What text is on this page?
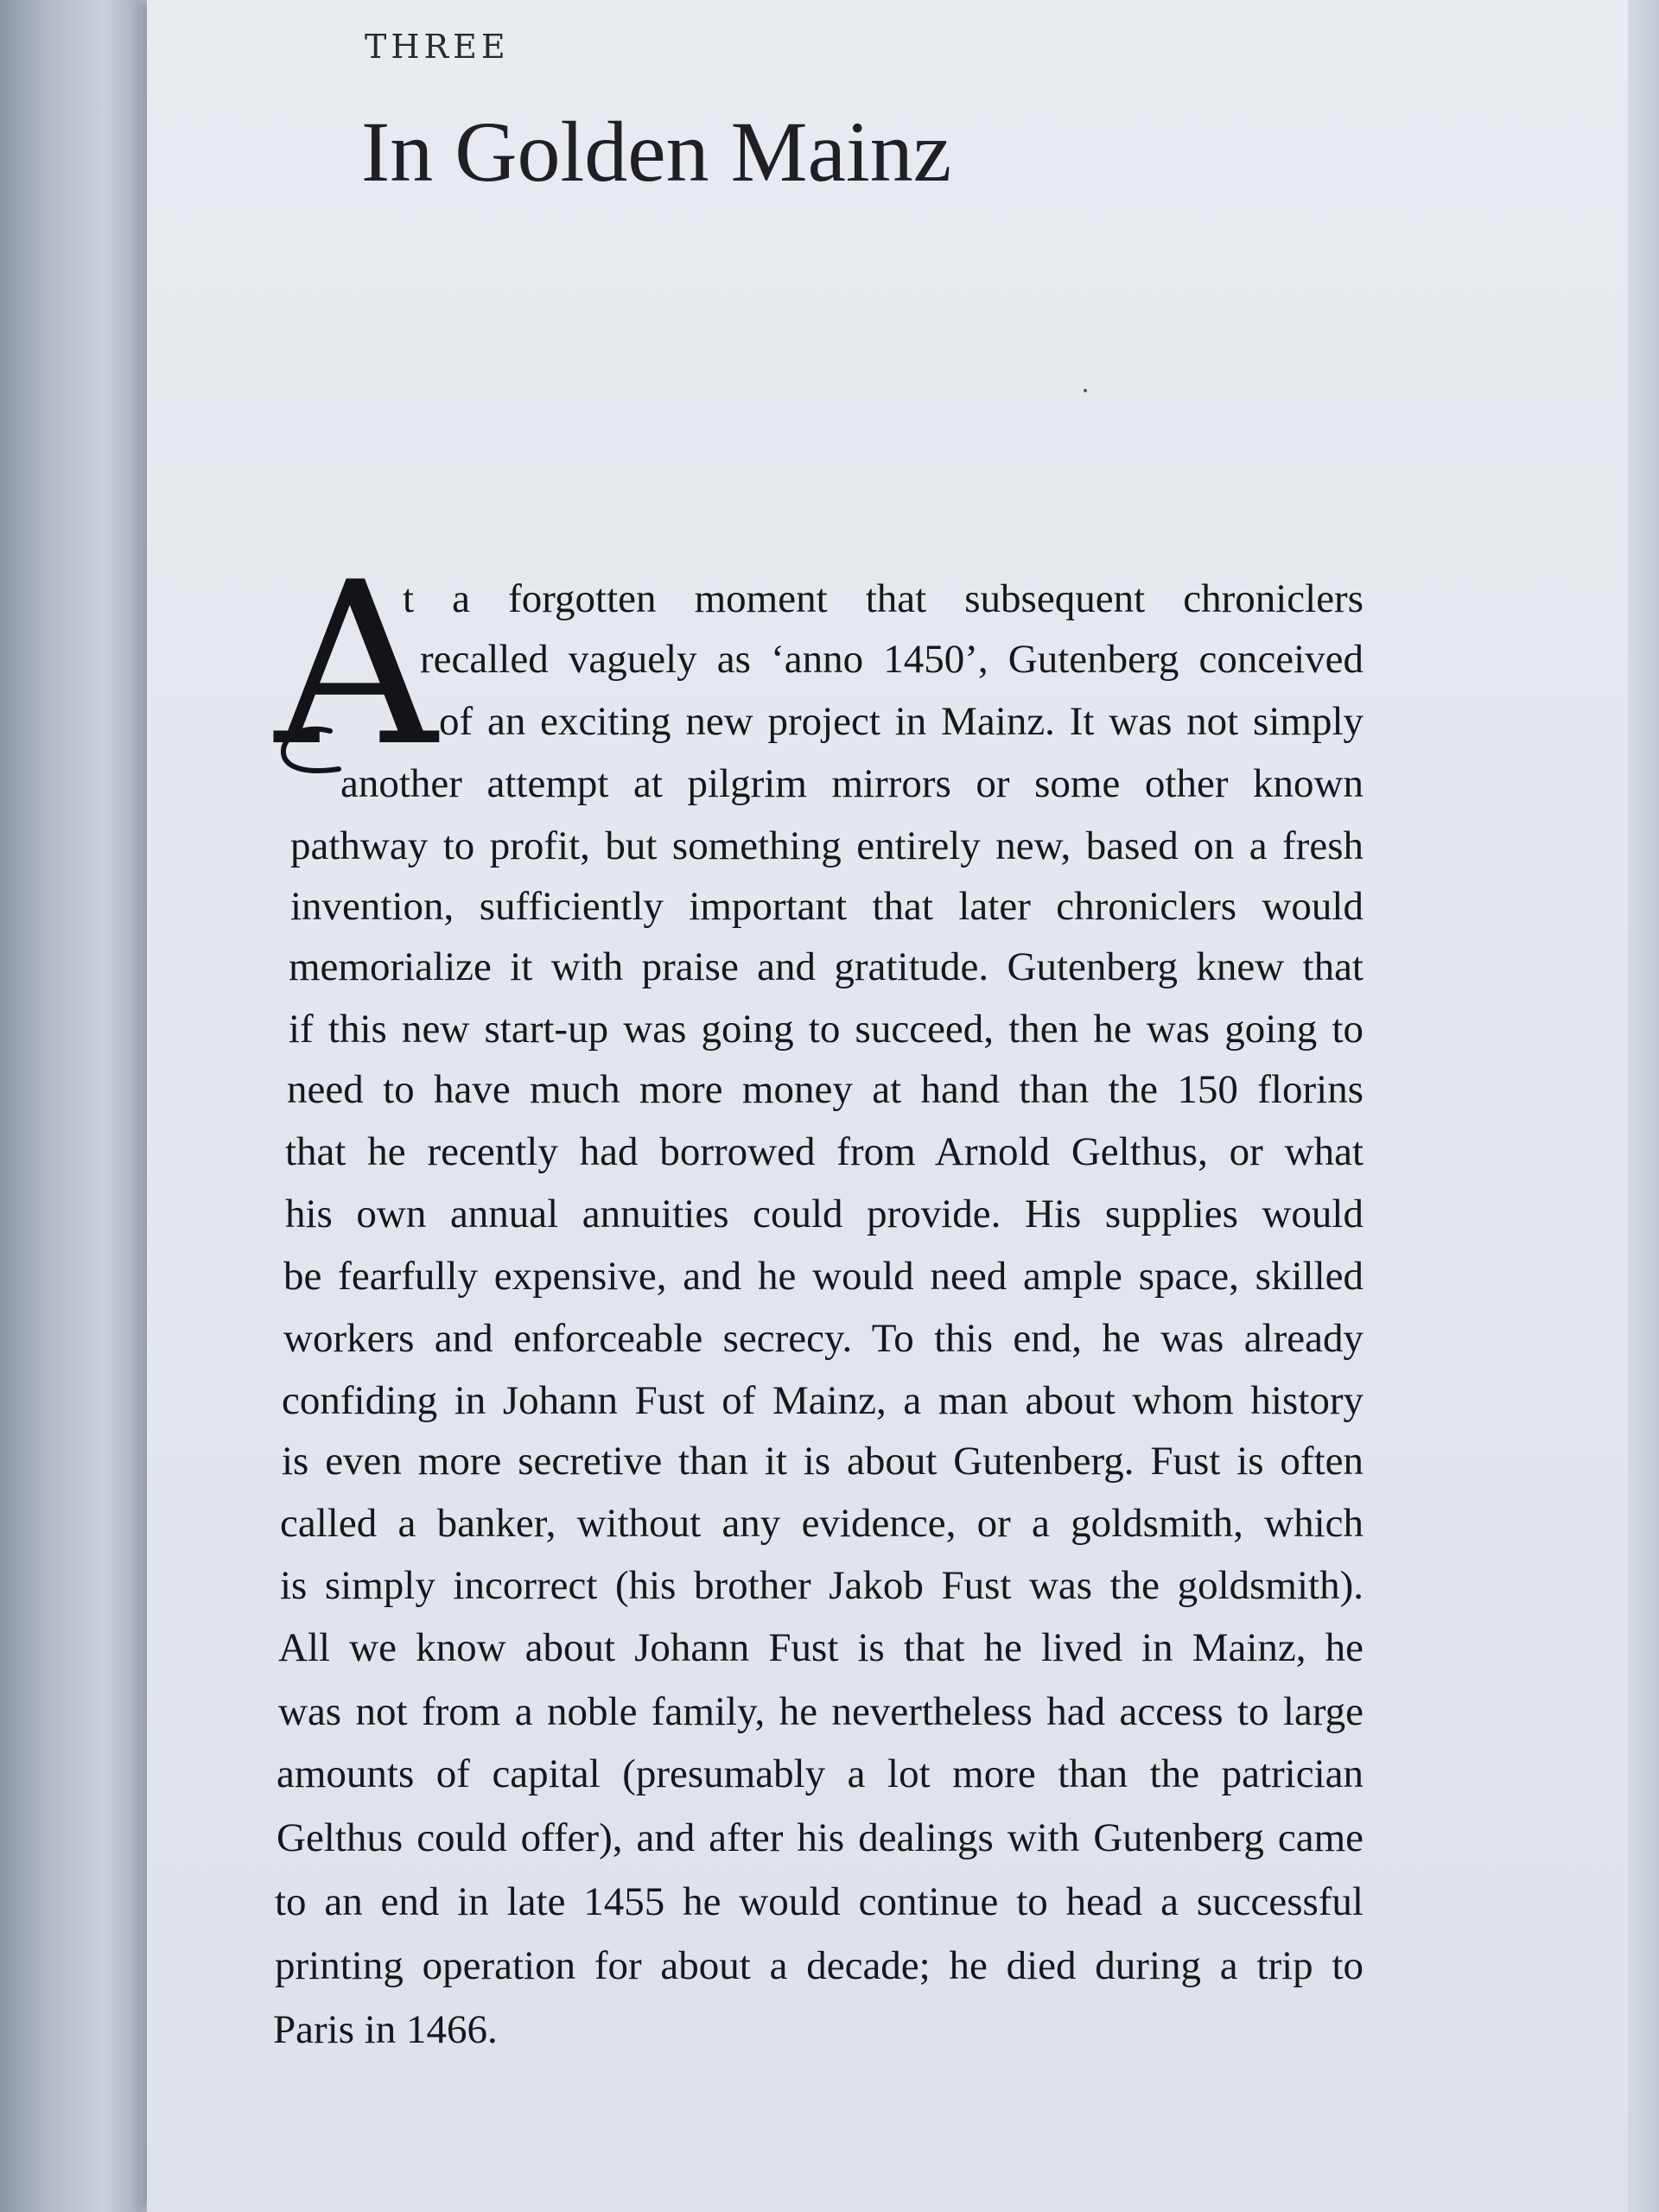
THREE

In Golden Mainz

A

t a forgotten moment that subsequent chroniclers

recalled vaguely as ‘anno 1450’, Gutenberg conceived

of an exciting new project in Mainz. It was not simply

another attempt at pilgrim mirrors or some other known

pathway to profit, but something entirely new, based on a fresh

invention, sufficiently important that later chroniclers would

memorialize it with praise and gratitude. Gutenberg knew that

if this new start-up was going to succeed, then he was going to

need to have much more money at hand than the 150 florins

that he recently had borrowed from Arnold Gelthus, or what

his own annual annuities could provide. His supplies would

be fearfully expensive, and he would need ample space, skilled

workers and enforceable secrecy. To this end, he was already

confiding in Johann Fust of Mainz, a man about whom history

is even more secretive than it is about Gutenberg. Fust is often

called a banker, without any evidence, or a goldsmith, which

is simply incorrect (his brother Jakob Fust was the goldsmith).

All we know about Johann Fust is that he lived in Mainz, he

was not from a noble family, he nevertheless had access to large

amounts of capital (presumably a lot more than the patrician

Gelthus could offer), and after his dealings with Gutenberg came

to an end in late 1455 he would continue to head a successful

printing operation for about a decade; he died during a trip to

Paris in 1466.
